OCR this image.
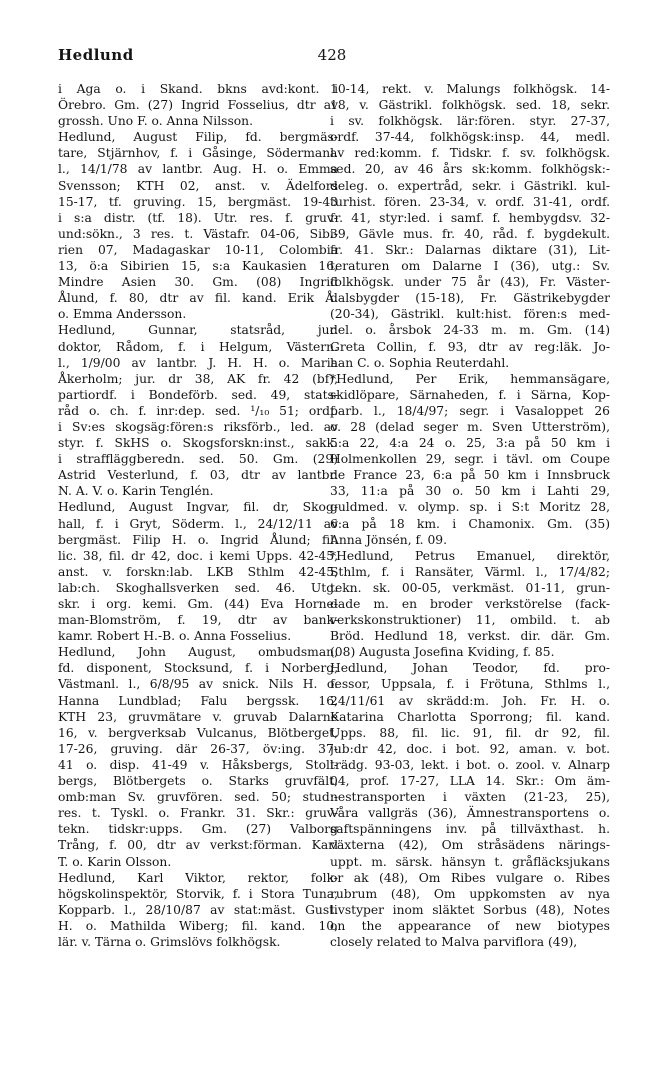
Hedlund	428
i Aga o. i Skand. bkns avd:kont. i
Örebro. Gm. (27) Ingrid Fosselius, dtr av
grossh. Uno F. o. Anna Nilsson.
Hedlund, August Filip, fd. bergmäs-
tare, Stjärnhov, f. i Gåsinge, Södermanl.
l., 14/1/78 av lantbr. Aug. H. o. Emma
Svensson; KTH 02, anst. v. Ädelfors
15-17, tf. gruving. 15, bergmäst. 19-43
i s:a distr. (tf. 18). Utr. res. f. gruv-
und:sökn., 3 res. t. Västafr. 04-06, Sibi-
rien 07, Madagaskar 10-11, Colombia
13, ö:a Sibirien 15, s:a Kaukasien 16,
Mindre Asien 30. Gm. (08) Ingrid
Ålund, f. 80, dtr av fil. kand. Erik Å.
o. Emma Andersson.
Hedlund, Gunnar, statsråd, jur.
doktor, Rådom, f. i Helgum, Västern.
l., 1/9/00 av lantbr. J. H. H. o. Maria
Åkerholm; jur. dr 38, AK fr. 42 (bf),
partiordf. i Bondeförb. sed. 49, stats-
råd o. ch. f. inr:dep. sed. ¹/₁₀ 51; ordf.
i Sv:es skogsäg:fören:s riksförb., led. av
styr. f. SkHS o. Skogsforskn:inst., sakk.
i straffläggberedn. sed. 50. Gm. (29)
Astrid Vesterlund, f. 03, dtr av lantbr.
N. A. V. o. Karin Tenglén.
Hedlund, August Ingvar, fil. dr, Skog-
hall, f. i Gryt, Söderm. l., 24/12/11 av
bergmäst. Filip H. o. Ingrid Ålund; fil.
lic. 38, fil. dr 42, doc. i kemi Upps. 42-45,
anst. v. forskn:lab. LKB Sthlm 42-45,
lab:ch. Skoghallsverken sed. 46. Utg.
skr. i org. kemi. Gm. (44) Eva Horne-
man-Blomström, f. 19, dtr av bank-
kamr. Robert H.-B. o. Anna Fosselius.
Hedlund, John August, ombudsman,
fd. disponent, Stocksund, f. i Norberg,
Västmanl. l., 6/8/95 av snick. Nils H. o.
Hanna Lundblad; Falu bergssk. 16,
KTH 23, gruvmätare v. gruvab Dalarne
16, v. bergverksab Vulcanus, Blötberget,
17-26, gruving. där 26-37, öv:ing. 37-
41 o. disp. 41-49 v. Håksbergs, Stoll-
bergs, Blötbergets o. Starks gruvfält,
omb:man Sv. gruvfören. sed. 50; stud:-
res. t. Tyskl. o. Frankr. 31. Skr.: gruv-
tekn. tidskr:upps. Gm. (27) Valborg
Trång, f. 00, dtr av verkst:förman. Karl
T. o. Karin Olsson.
Hedlund, Karl Viktor, rektor, folk-
högskolinspektör, Storvik, f. i Stora Tuna,
Kopparb. l., 28/10/87 av stat:mäst. Gust.
H. o. Mathilda Wiberg; fil. kand. 10,
lär. v. Tärna o. Grimslövs folkhögsk.
10-14, rekt. v. Malungs folkhögsk. 14-
18, v. Gästrikl. folkhögsk. sed. 18, sekr.
i sv. folkhögsk. lär:fören. styr. 27-37,
ordf. 37-44, folkhögsk:insp. 44, medl.
av red:komm. f. Tidskr. f. sv. folkhögsk.
sed. 20, av 46 års sk:komm. folkhögsk:-
deleg. o. expertråd, sekr. i Gästrikl. kul-
turhist. fören. 23-34, v. ordf. 31-41, ordf.
fr. 41, styr:led. i samf. f. hembygdsv. 32-
39, Gävle mus. fr. 40, råd. f. bygdekult.
fr. 41. Skr.: Dalarnas diktare (31), Lit-
teraturen om Dalarne I (36), utg.: Sv.
folkhögsk. under 75 år (43), Fr. Väster-
dalsbygder (15-18), Fr. Gästrikebygder
(20-34), Gästrikl. kult:hist. fören:s med-
del. o. årsbok 24-33 m. m. Gm. (14)
Greta Collin, f. 93, dtr av reg:läk. Jo-
han C. o. Sophia Reuterdahl.
*Hedlund, Per Erik, hemmansägare,
skidlöpare, Särnaheden, f. i Särna, Kop-
parb. l., 18/4/97; segr. i Vasaloppet 26
o. 28 (delad seger m. Sven Utterström),
5:a 22, 4:a 24 o. 25, 3:a på 50 km i
Holmenkollen 29, segr. i tävl. om Coupe
de France 23, 6:a på 50 km i Innsbruck
33, 11:a på 30 o. 50 km i Lahti 29,
guldmed. v. olymp. sp. i S:t Moritz 28,
6:a på 18 km. i Chamonix. Gm. (35)
Anna Jönsén, f. 09.
*Hedlund, Petrus Emanuel, direktör,
Sthlm, f. i Ransäter, Värml. l., 17/4/82;
tekn. sk. 00-05, verkmäst. 01-11, grun-
dade m. en broder verkstörelse (fack-
verkskonstruktioner) 11, ombild. t. ab
Bröd. Hedlund 18, verkst. dir. där. Gm.
(08) Augusta Josefina Kviding, f. 85.
Hedlund, Johan Teodor, fd. pro-
fessor, Uppsala, f. i Frötuna, Sthlms l.,
24/11/61 av skrädd:m. Joh. Fr. H. o.
Katarina Charlotta Sporrong; fil. kand.
Upps. 88, fil. lic. 91, fil. dr 92, fil.
jub:dr 42, doc. i bot. 92, aman. v. bot.
trädg. 93-03, lekt. i bot. o. zool. v. Alnarp
04, prof. 17-27, LLA 14. Skr.: Om äm-
nestransporten i växten (21-23, 25),
Våra vallgräs (36), Ämnestransportens o.
saftspänningens inv. på tillväxthast. h.
växterna (42), Om stråsädens närings-
uppt. m. särsk. hänsyn t. gråfläcksjukans
or ak (48), Om Ribes vulgare o. Ribes
rubrum (48), Om uppkomsten av nya
livstyper inom släktet Sorbus (48), Notes
on the appearance of new biotypes
closely related to Malva parviflora (49),
